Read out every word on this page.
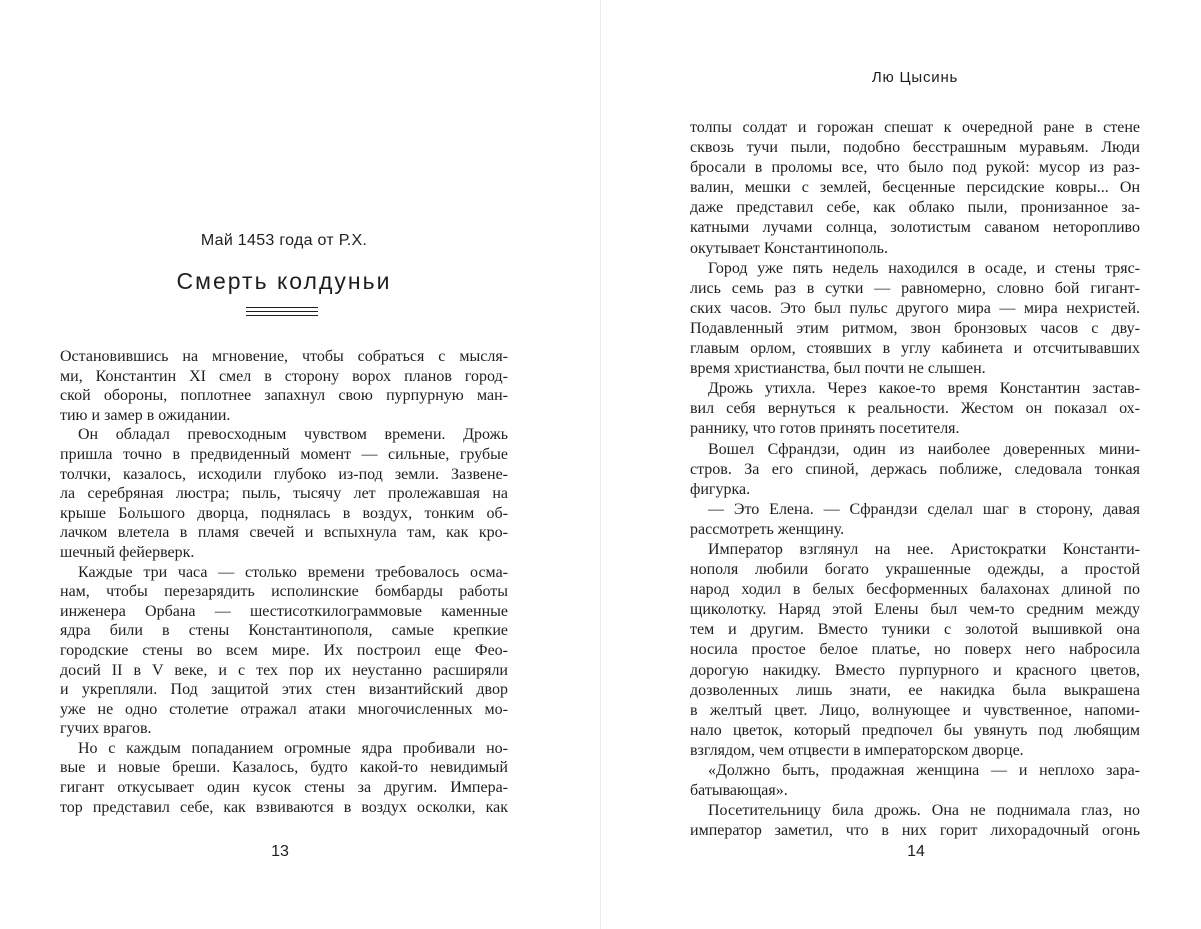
Май 1453 года от Р.Х.
Смерть колдуньи
Остановившись на мгновение, чтобы собраться с мысля-
ми, Константин XI смел в сторону ворох планов город-
ской обороны, поплотнее запахнул свою пурпурную ман-
тию и замер в ожидании.
Он обладал превосходным чувством времени. Дрожь
пришла точно в предвиденный момент — сильные, грубые
толчки, казалось, исходили глубоко из-под земли. Зазвене-
ла серебряная люстра; пыль, тысячу лет пролежавшая на
крыше Большого дворца, поднялась в воздух, тонким об-
лачком влетела в пламя свечей и вспыхнула там, как кро-
шечный фейерверк.
Каждые три часа — столько времени требовалось осма-
нам, чтобы перезарядить исполинские бомбарды работы
инженера Орбана — шестисоткилограммовые каменные
ядра били в стены Константинополя, самые крепкие
городские стены во всем мире. Их построил еще Фео-
досий II в V веке, и с тех пор их неустанно расширяли
и укрепляли. Под защитой этих стен византийский двор
уже не одно столетие отражал атаки многочисленных мо-
гучих врагов.
Но с каждым попаданием огромные ядра пробивали но-
вые и новые бреши. Казалось, будто какой-то невидимый
гигант откусывает один кусок стены за другим. Импера-
тор представил себе, как взвиваются в воздух осколки, как
13
Лю Цысинь
толпы солдат и горожан спешат к очередной ране в стене
сквозь тучи пыли, подобно бесстрашным муравьям. Люди
бросали в проломы все, что было под рукой: мусор из раз-
валин, мешки с землей, бесценные персидские ковры... Он
даже представил себе, как облако пыли, пронизанное за-
катными лучами солнца, золотистым саваном неторопливо
окутывает Константинополь.
Город уже пять недель находился в осаде, и стены тряс-
лись семь раз в сутки — равномерно, словно бой гигант-
ских часов. Это был пульс другого мира — мира нехристей.
Подавленный этим ритмом, звон бронзовых часов с дву-
главым орлом, стоявших в углу кабинета и отсчитывавших
время христианства, был почти не слышен.
Дрожь утихла. Через какое-то время Константин застав-
вил себя вернуться к реальности. Жестом он показал ох-
раннику, что готов принять посетителя.
Вошел Сфрандзи, один из наиболее доверенных мини-
стров. За его спиной, держась поближе, следовала тонкая
фигурка.
— Это Елена. — Сфрандзи сделал шаг в сторону, давая
рассмотреть женщину.
Император взглянул на нее. Аристократки Константи-
нополя любили богато украшенные одежды, а простой
народ ходил в белых бесформенных балахонах длиной по
щиколотку. Наряд этой Елены был чем-то средним между
тем и другим. Вместо туники с золотой вышивкой она
носила простое белое платье, но поверх него набросила
дорогую накидку. Вместо пурпурного и красного цветов,
дозволенных лишь знати, ее накидка была выкрашена
в желтый цвет. Лицо, волнующее и чувственное, напоми-
нало цветок, который предпочел бы увянуть под любящим
взглядом, чем отцвести в императорском дворце.
«Должно быть, продажная женщина — и неплохо зара-
батывающая».
Посетительницу била дрожь. Она не поднимала глаз, но
император заметил, что в них горит лихорадочный огонь
14
